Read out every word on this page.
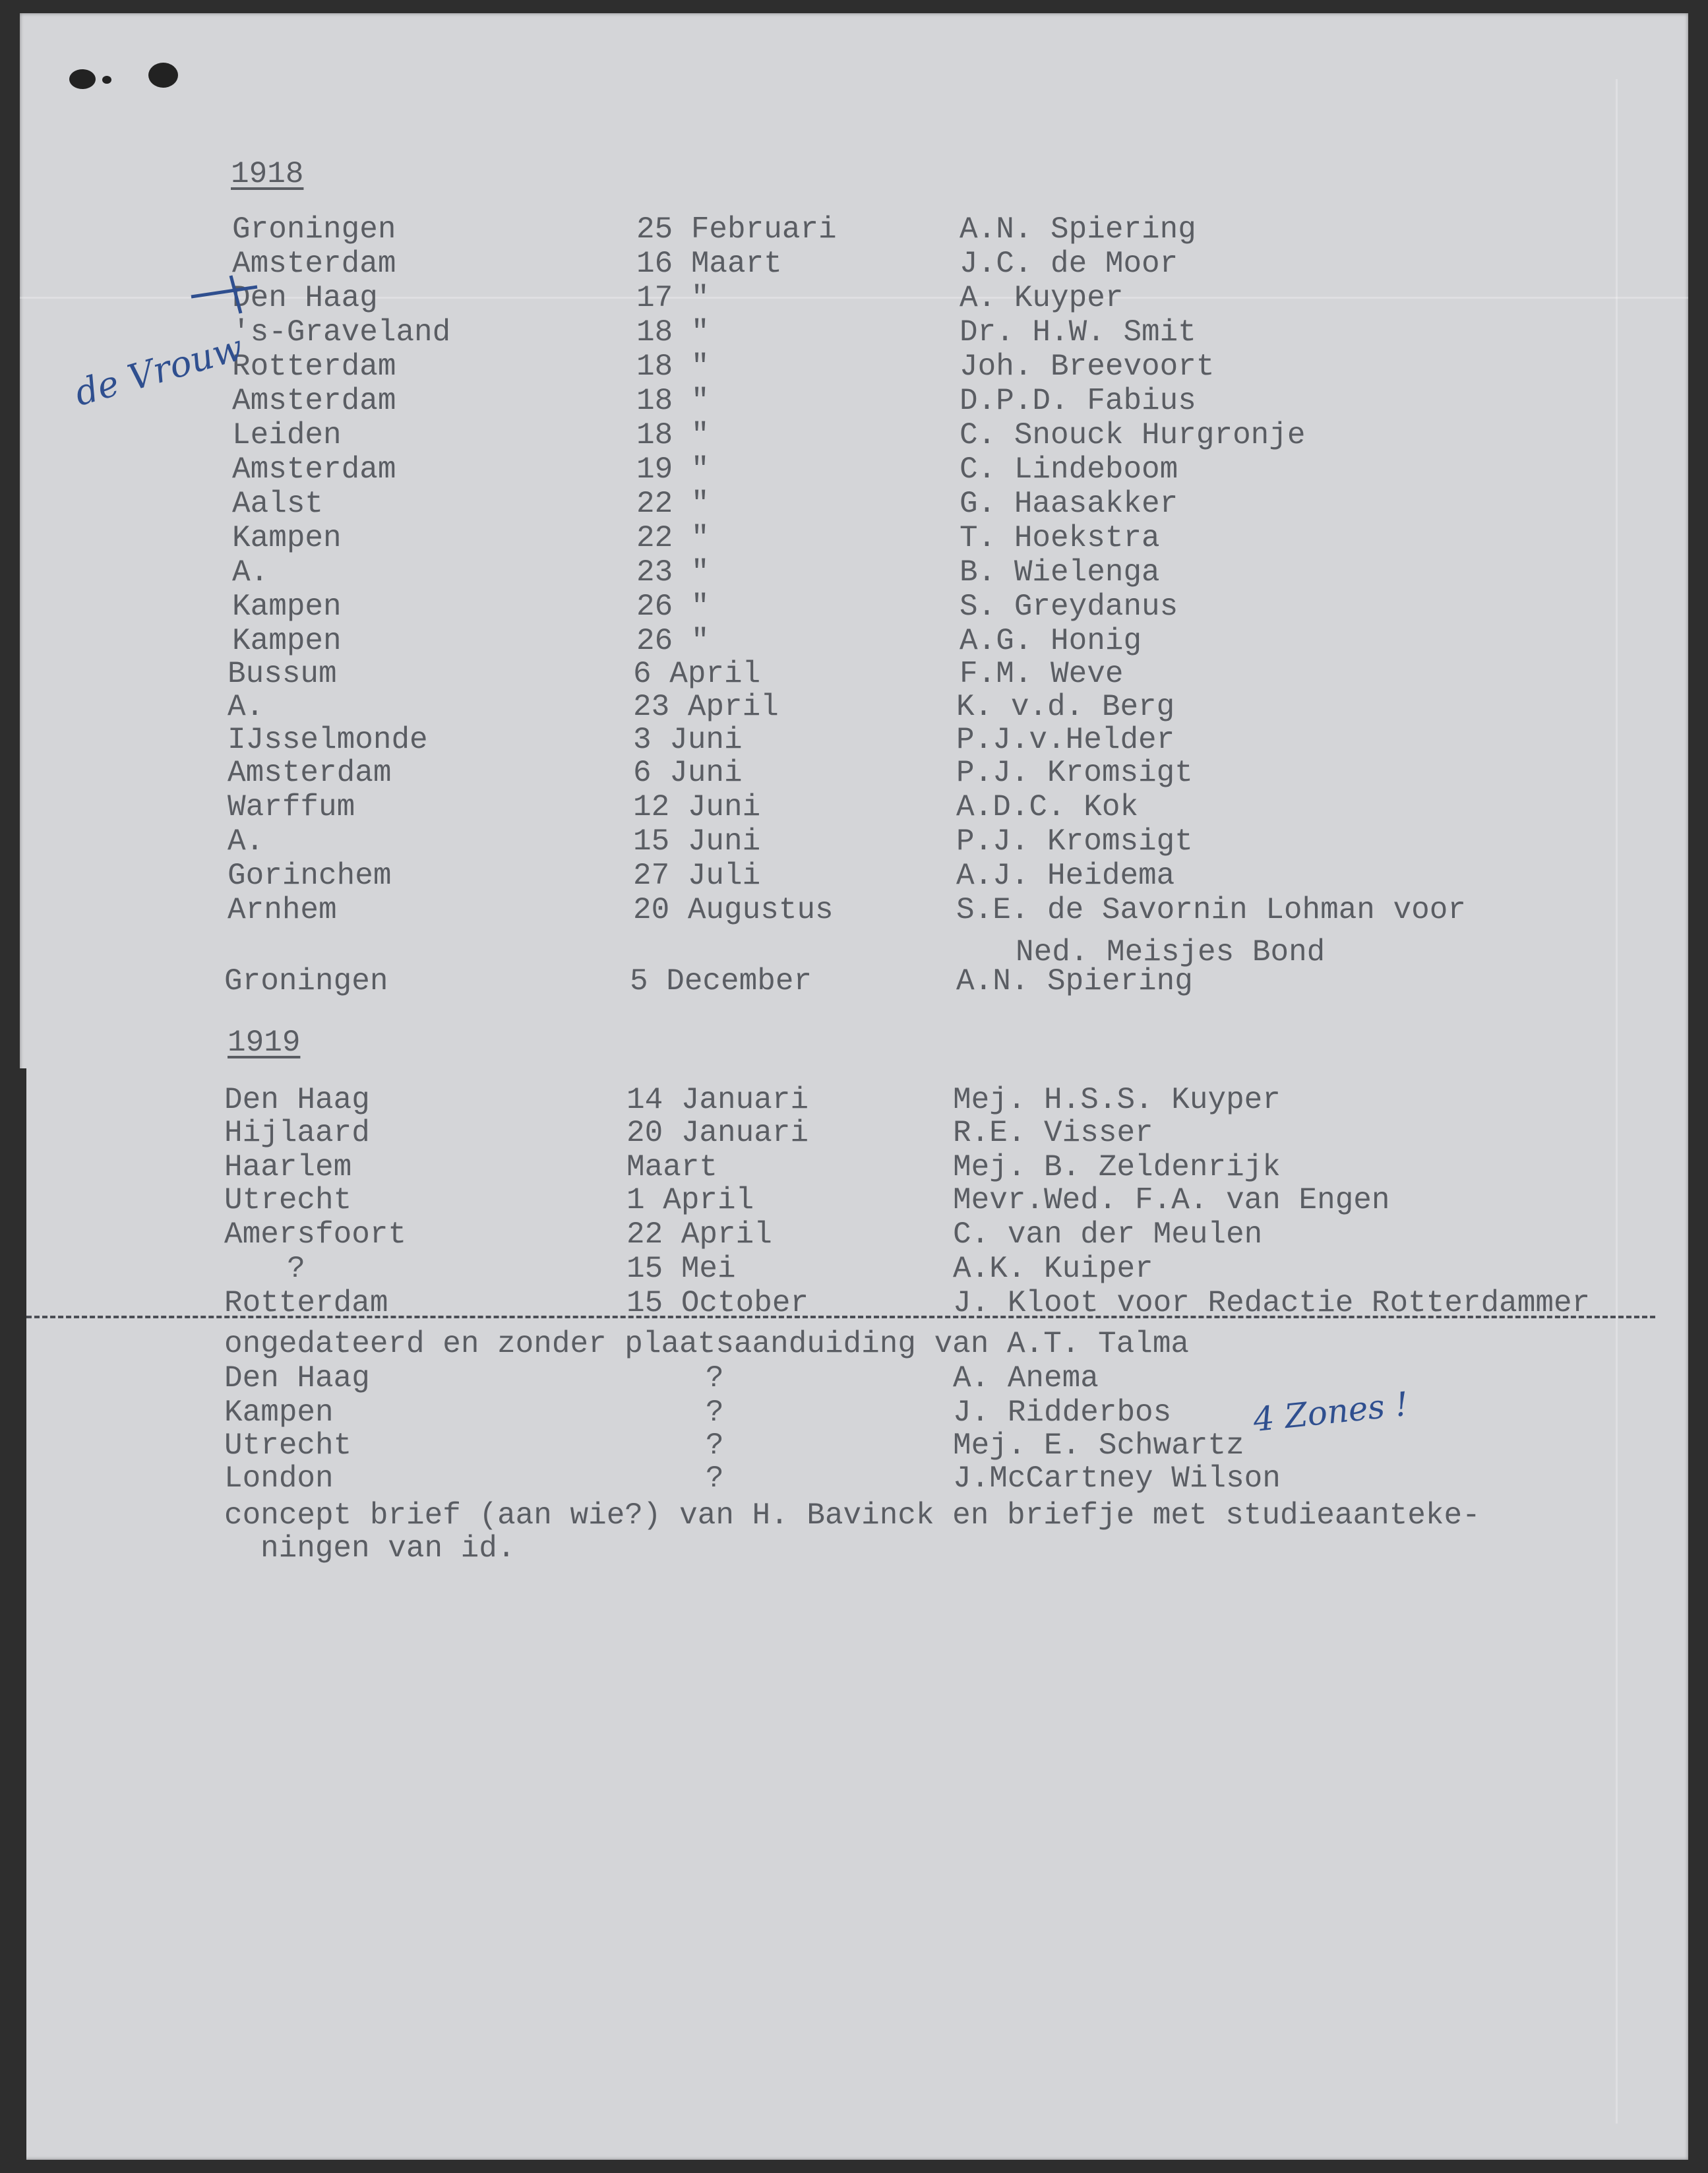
1918
Groningen	25 Februari	A.N. Spiering
Amsterdam	16 Maart	J.C. de Moor
Den Haag	17 "	A. Kuyper
's-Graveland	18 "	Dr. H.W. Smit
Rotterdam	18 "	Joh. Breevoort
Amsterdam	18 "	D.P.D. Fabius
Leiden	18 "	C. Snouck Hurgronje
Amsterdam	19 "	C. Lindeboom
Aalst	22 "	G. Haasakker
Kampen	22 "	T. Hoekstra
A.	23 "	B. Wielenga
Kampen	26 "	S. Greydanus
Kampen	26 "	A.G. Honig
Bussum	6 April	F.M. Weve
A.	23 April	K. v.d. Berg
IJsselmonde	3 Juni	P.J.v.Helder
Amsterdam	6 Juni	P.J. Kromsigt
Warffum	12 Juni	A.D.C. Kok
A.	15 Juni	P.J. Kromsigt
Gorinchem	27 Juli	A.J. Heidema
Arnhem	20 Augustus	S.E. de Savornin Lohman voor
Ned. Meisjes Bond
Groningen	5 December	A.N. Spiering
1919
Den Haag	14 Januari	Mej. H.S.S. Kuyper
Hijlaard	20 Januari	R.E. Visser
Haarlem	Maart	Mej. B. Zeldenrijk
Utrecht	1 April	Mevr.Wed. F.A. van Engen
Amersfoort	22 April	C. van der Meulen
?	15 Mei	A.K. Kuiper
Rotterdam	15 October	J. Kloot voor Redactie Rotterdammer
ongedateerd en zonder plaatsaanduiding van A.T. Talma
Den Haag	?	A. Anema
Kampen	?	J. Ridderbos
Utrecht	?	Mej. E. Schwartz
London	?	J.McCartney Wilson
concept brief (aan wie?) van H. Bavinck en briefje met studieaanteke-
ningen van id.
de Vrouw
4 Zones !
